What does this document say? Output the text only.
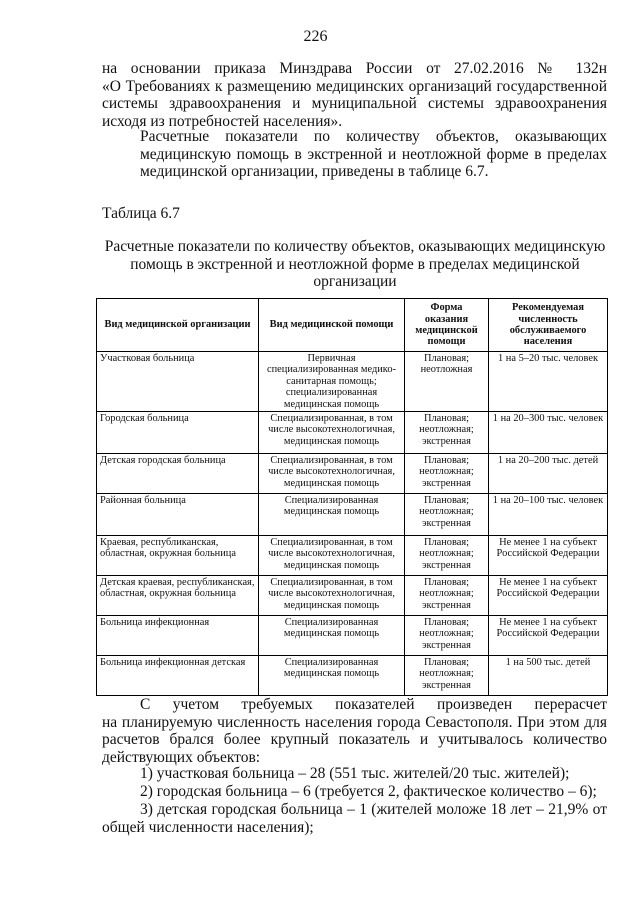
226
на основании приказа Минздрава России от 27.02.2016 № 132н
«О Требованиях к размещению медицинских организаций государственной
системы здравоохранения и муниципальной системы здравоохранения
исходя из потребностей населения».
Расчетные показатели по количеству объектов, оказывающих
медицинскую помощь в экстренной и неотложной форме в пределах
медицинской организации, приведены в таблице 6.7.
Таблица 6.7
Расчетные показатели по количеству объектов, оказывающих медицинскую
помощь в экстренной и неотложной форме в пределах медицинской
организации
Вид медицинской организации	Вид медицинской помощи	Форма оказания медицинской помощи	Рекомендуемая численность обслуживаемого населения
Участковая больница	Первичная специализированная медико-санитарная помощь; специализированная медицинская помощь	Плановая; неотложная	1 на 5–20 тыс. человек
Городская больница	Специализированная, в том числе высокотехнологичная, медицинская помощь	Плановая; неотложная; экстренная	1 на 20–300 тыс. человек
Детская городская больница	Специализированная, в том числе высокотехнологичная, медицинская помощь	Плановая; неотложная; экстренная	1 на 20–200 тыс. детей
Районная больница	Специализированная медицинская помощь	Плановая; неотложная; экстренная	1 на 20–100 тыс. человек
Краевая, республиканская, областная, окружная больница	Специализированная, в том числе высокотехнологичная, медицинская помощь	Плановая; неотложная; экстренная	Не менее 1 на субъект Российской Федерации
Детская краевая, республиканская, областная, окружная больница	Специализированная, в том числе высокотехнологичная, медицинская помощь	Плановая; неотложная; экстренная	Не менее 1 на субъект Российской Федерации
Больница инфекционная	Специализированная медицинская помощь	Плановая; неотложная; экстренная	Не менее 1 на субъект Российской Федерации
Больница инфекционная детская	Специализированная медицинская помощь	Плановая; неотложная; экстренная	1 на 500 тыс. детей
С учетом требуемых показателей произведен перерасчет
на планируемую численность населения города Севастополя. При этом для
расчетов брался более крупный показатель и учитывалось количество
действующих объектов:

1) участковая больница – 28 (551 тыс. жителей/20 тыс. жителей);

2) городская больница – 6 (требуется 2, фактическое количество – 6);

3) детская городская больница – 1 (жителей моложе 18 лет – 21,9% от общей численности населения);
